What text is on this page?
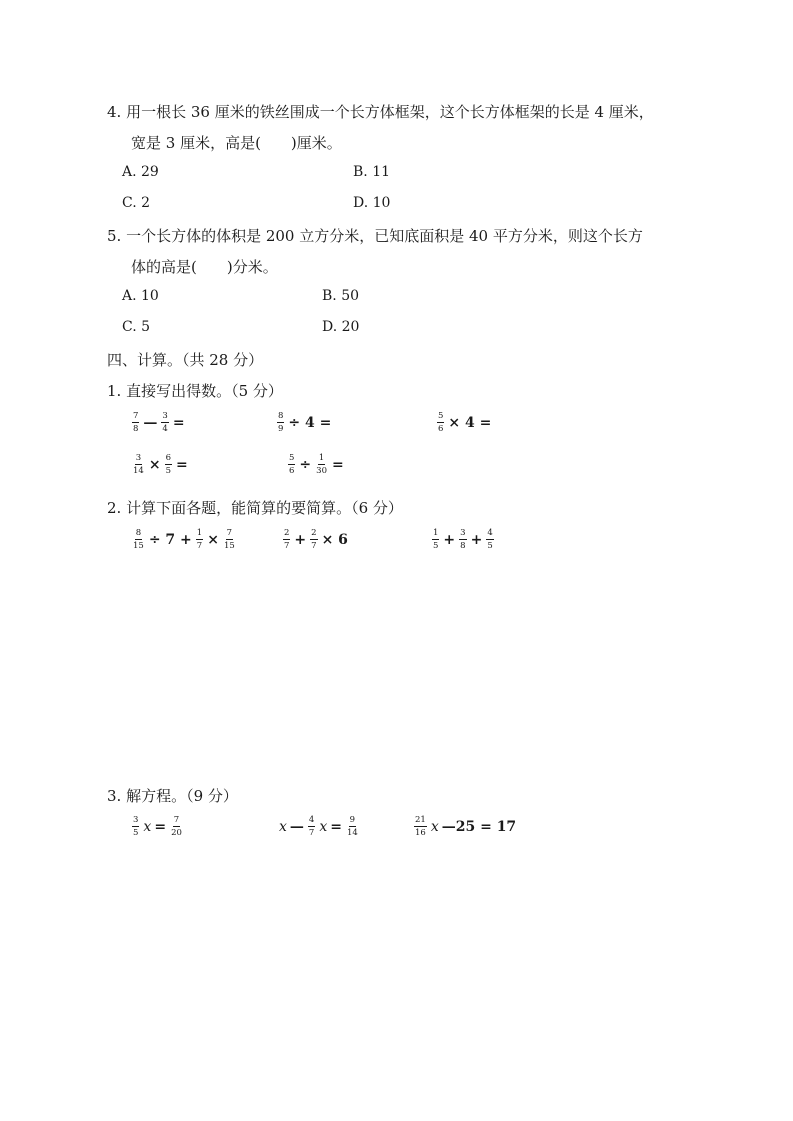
4. 用一根长 36 厘米的铁丝围成一个长方体框架，这个长方体框架的长是 4 厘米，
宽是 3 厘米，高是(　　)厘米。
A. 29	B. 11
C. 2	D. 10
5. 一个长方体的体积是 200 立方分米，已知底面积是 40 平方分米，则这个长方
体的高是(　　)分米。
A. 10	B. 50
C. 5	D. 20
四、计算。（共 28 分）
1. 直接写出得数。（5 分）
$\frac{7}{8}$ — $\frac{3}{4}$ =	$\frac{8}{9} \div 4$ =	$\frac{5}{6} \times 4$ =
$\frac{3}{14} \times \frac{6}{5}$ =	$\frac{5}{6} \div \frac{1}{30}$ =
2. 计算下面各题，能简算的要简算。（6 分）
$\frac{8}{15} \div 7 + \frac{1}{7} \times \frac{7}{15}$	$\frac{2}{7} + \frac{2}{7} \times 6$	$\frac{1}{5} + \frac{3}{8} + \frac{4}{5}$
3. 解方程。（9 分）
$\frac{3}{5}$ $x = \frac{7}{20}$	x — $\frac{4}{7}$ $x = \frac{9}{14}$	$\frac{21}{16}$ x —25 = 17
